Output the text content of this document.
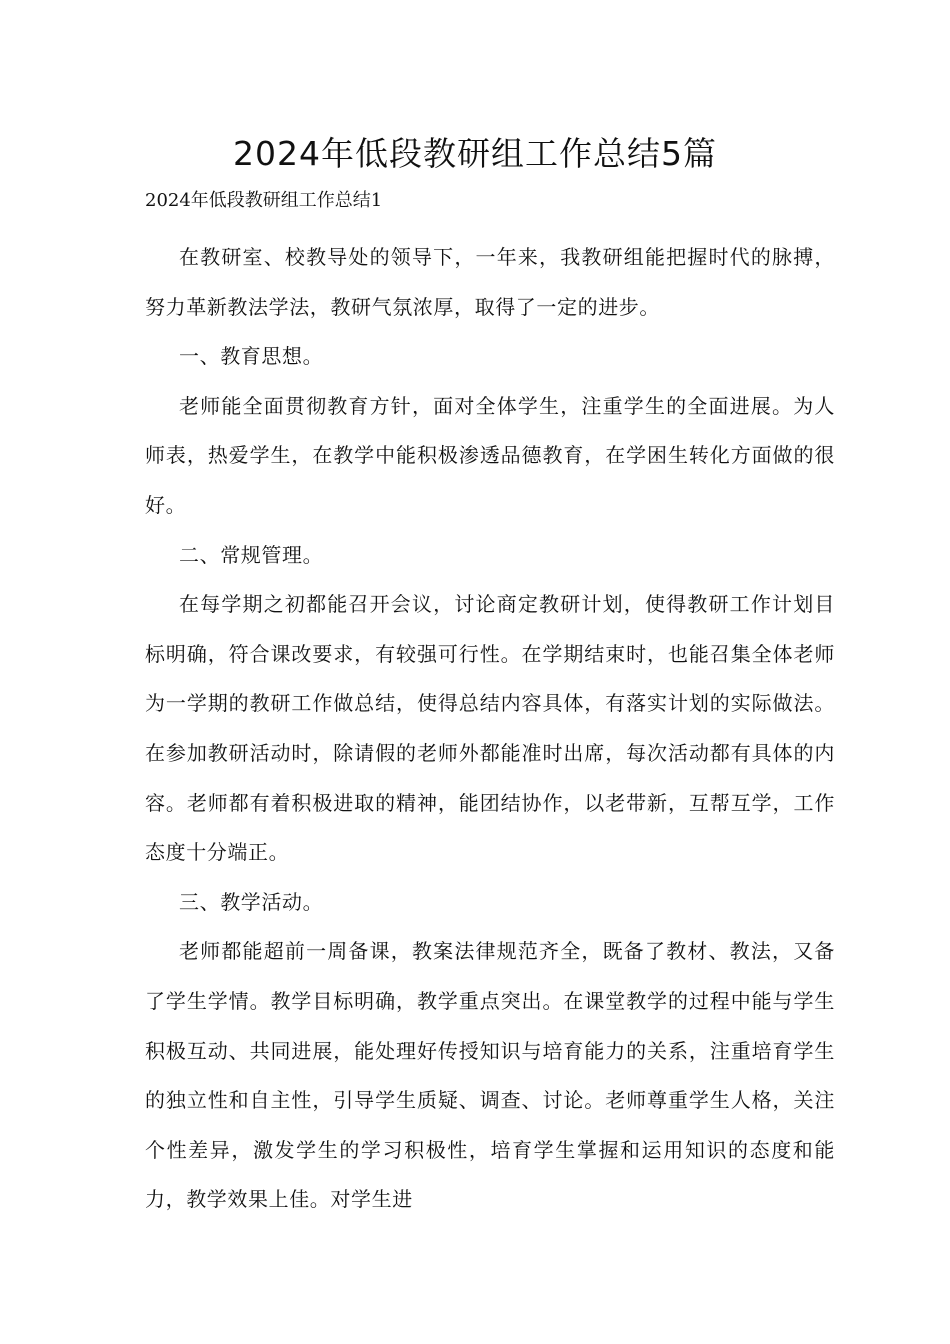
2024年低段教研组工作总结5篇

2024年低段教研组工作总结1

在教研室、校教导处的领导下，一年来，我教研组能把握时代的脉搏，努力革新教法学法，教研气氛浓厚，取得了一定的进步。

一、教育思想。

老师能全面贯彻教育方针，面对全体学生，注重学生的全面进展。为人师表，热爱学生，在教学中能积极渗透品德教育，在学困生转化方面做的很好。

二、常规管理。

在每学期之初都能召开会议，讨论商定教研计划，使得教研工作计划目标明确，符合课改要求，有较强可行性。在学期结束时，也能召集全体老师为一学期的教研工作做总结，使得总结内容具体，有落实计划的实际做法。在参加教研活动时，除请假的老师外都能准时出席，每次活动都有具体的内容。老师都有着积极进取的精神，能团结协作，以老带新，互帮互学，工作态度十分端正。

三、教学活动。

老师都能超前一周备课，教案法律规范齐全，既备了教材、教法，又备了学生学情。教学目标明确，教学重点突出。在课堂教学的过程中能与学生积极互动、共同进展，能处理好传授知识与培育能力的关系，注重培育学生的独立性和自主性，引导学生质疑、调查、讨论。老师尊重学生人格，关注个性差异，激发学生的学习积极性，培育学生掌握和运用知识的态度和能力，教学效果上佳。对学生进
